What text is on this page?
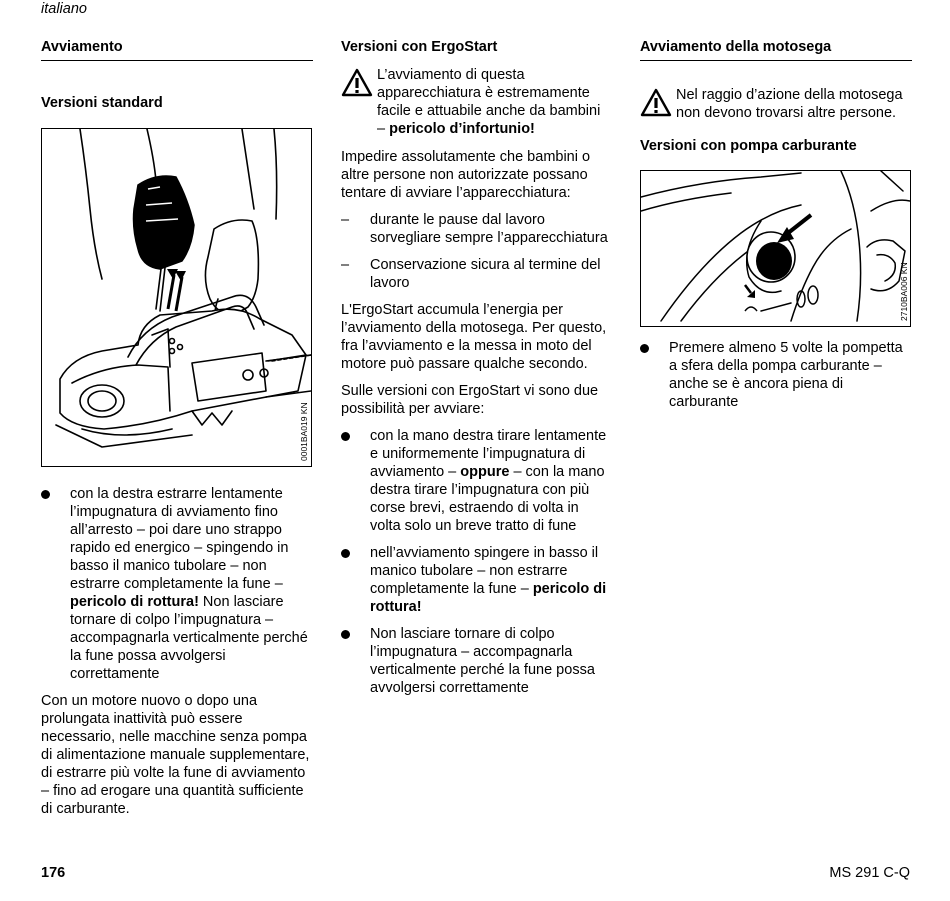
italiano
Avviamento
Versioni standard
0001BA019 KN
con la destra estrarre lentamente l’impugnatura di avviamento fino all’arresto – poi dare uno strappo rapido ed energico – spingendo in basso il manico tubolare – non estrarre completamente la fune – pericolo di rottura! Non lasciare tornare di colpo l’impugnatura – accompagnarla verticalmente perché la fune possa avvolgersi correttamente

Con un motore nuovo o dopo una prolungata inattività può essere necessario, nelle macchine senza pompa di alimentazione manuale supplementare, di estrarre più volte la fune di avviamento – fino ad erogare una quantità sufficiente di carburante.

Versioni con ErgoStart

L’avviamento di questa apparecchiatura è estremamente facile e attuabile anche da bambini – pericolo d’infortunio!

Impedire assolutamente che bambini o altre persone non autorizzate possano tentare di avviare l’apparecchiatura:

– durante le pause dal lavoro sorvegliare sempre l’apparecchiatura
– Conservazione sicura al termine del lavoro

L'ErgoStart accumula l’energia per l’avviamento della motosega. Per questo, fra l’avviamento e la messa in moto del motore può passare qualche secondo.

Sulle versioni con ErgoStart vi sono due possibilità per avviare:

con la mano destra tirare lentamente e uniformemente l’impugnatura di avviamento – oppure – con la mano destra tirare l’impugnatura con più corse brevi, estraendo di volta in volta solo un breve tratto di fune
nell’avviamento spingere in basso il manico tubolare – non estrarre completamente la fune – pericolo di rottura!
Non lasciare tornare di colpo l’impugnatura – accompagnarla verticalmente perché la fune possa avvolgersi correttamente
Avviamento della motosega

Nel raggio d’azione della motosega non devono trovarsi altre persone.

Versioni con pompa carburante
2710BA006 KN
Premere almeno 5 volte la pompetta a sfera della pompa carburante – anche se è ancora piena di carburante
176	MS 291 C-Q
